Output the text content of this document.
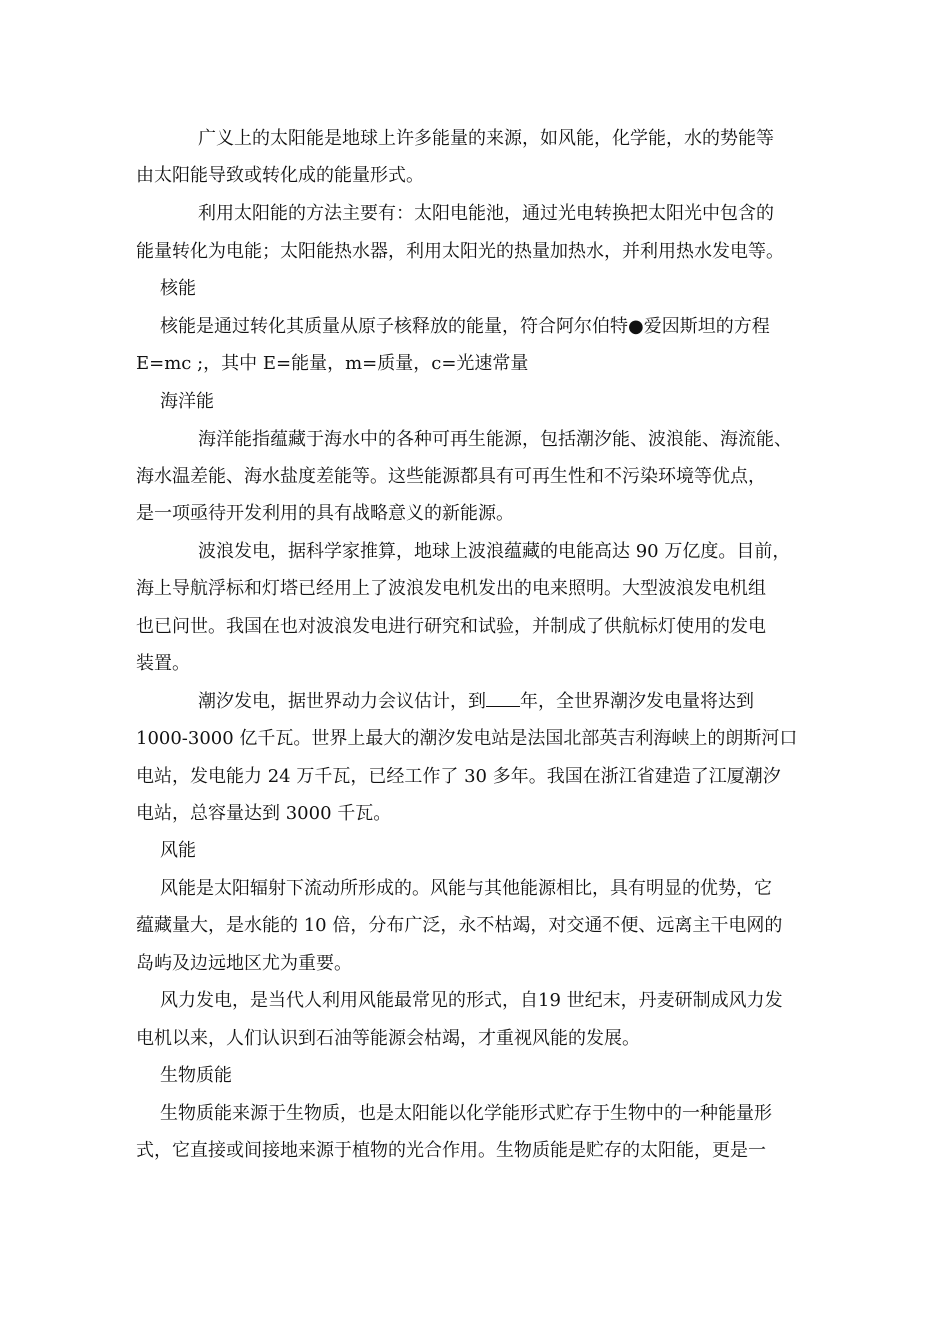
广义上的太阳能是地球上许多能量的来源，如风能，化学能，水的势能等
由太阳能导致或转化成的能量形式。
利用太阳能的方法主要有：太阳电能池，通过光电转换把太阳光中包含的
能量转化为电能；太阳能热水器，利用太阳光的热量加热水，并利用热水发电等。
核能
核能是通过转化其质量从原子核释放的能量，符合阿尔伯特●爱因斯坦的方程
E=mc ;，其中 E=能量，m=质量，c=光速常量
海洋能
海洋能指蕴藏于海水中的各种可再生能源，包括潮汐能、波浪能、海流能、
海水温差能、海水盐度差能等。这些能源都具有可再生性和不污染环境等优点，
是一项亟待开发利用的具有战略意义的新能源。
波浪发电，据科学家推算，地球上波浪蕴藏的电能高达 90 万亿度。目前，
海上导航浮标和灯塔已经用上了波浪发电机发出的电来照明。大型波浪发电机组
也已问世。我国在也对波浪发电进行研究和试验，并制成了供航标灯使用的发电
装置。
潮汐发电，据世界动力会议估计，到 年，全世界潮汐发电量将达到
1000-3000 亿千瓦。世界上最大的潮汐发电站是法国北部英吉利海峡上的朗斯河口
电站，发电能力 24 万千瓦，已经工作了 30 多年。我国在浙江省建造了江厦潮汐
电站，总容量达到 3000 千瓦。
风能
风能是太阳辐射下流动所形成的。风能与其他能源相比，具有明显的优势，它
蕴藏量大，是水能的 10 倍，分布广泛，永不枯竭，对交通不便、远离主干电网的
岛屿及边远地区尤为重要。
风力发电，是当代人利用风能最常见的形式，自19 世纪末，丹麦研制成风力发
电机以来，人们认识到石油等能源会枯竭，才重视风能的发展。
生物质能
生物质能来源于生物质，也是太阳能以化学能形式贮存于生物中的一种能量形
式，它直接或间接地来源于植物的光合作用。生物质能是贮存的太阳能，更是一
